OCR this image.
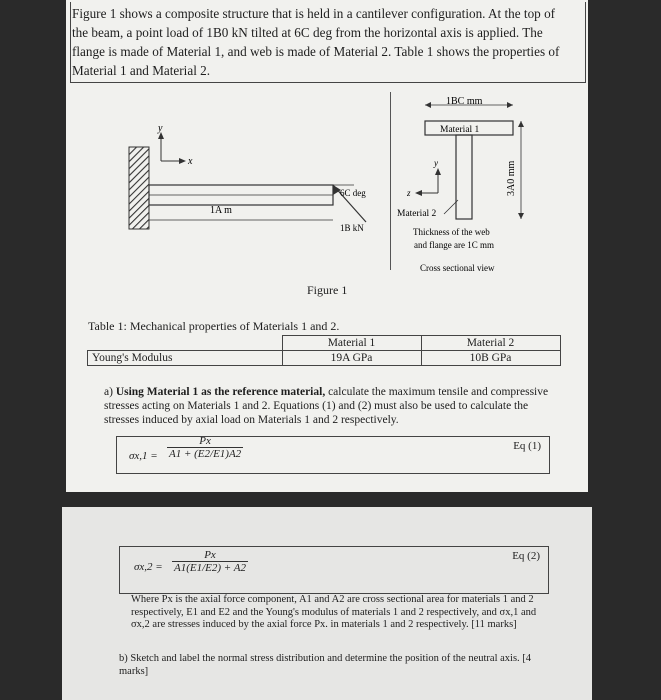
Figure 1 shows a composite structure that is held in a cantilever configuration. At the top of
the beam, a point load of 1B0 kN tilted at 6C deg from the horizontal axis is applied. The
flange is made of Material 1, and web is made of Material 2. Table 1 shows the properties of
Material 1 and Material 2.
y
x
1A m
6C deg
1B kN
1BC mm
Material 1
3A0 mm
y
z
Material 2
Thickness of the web
and flange are 1C mm
Cross sectional view
Figure 1
Table 1: Mechanical properties of Materials 1 and 2.
	Material 1	Material 2
Young's Modulus	19A GPa	10B GPa
a) Using Material 1 as the reference material, calculate the maximum tensile and compressive stresses acting on Materials 1 and 2. Equations (1) and (2) must also be used to calculate the stresses induced by axial load on Materials 1 and 2 respectively.
$\sigma x,1 = \frac{Px}{A1 + (E2/E1)A2}$	Eq (1)
$\sigma x,2 = \frac{Px}{A1(E1/E2) + A2}$	Eq (2)
Where Px is the axial force component, A1 and A2 are cross sectional area for materials 1 and 2 respectively, E1 and E2 and the Young's modulus of materials 1 and 2 respectively, and σx,1 and σx,2 are stresses induced by the axial force Px. in materials 1 and 2 respectively. [11 marks]
b) Sketch and label the normal stress distribution and determine the position of the neutral axis. [4 marks]
